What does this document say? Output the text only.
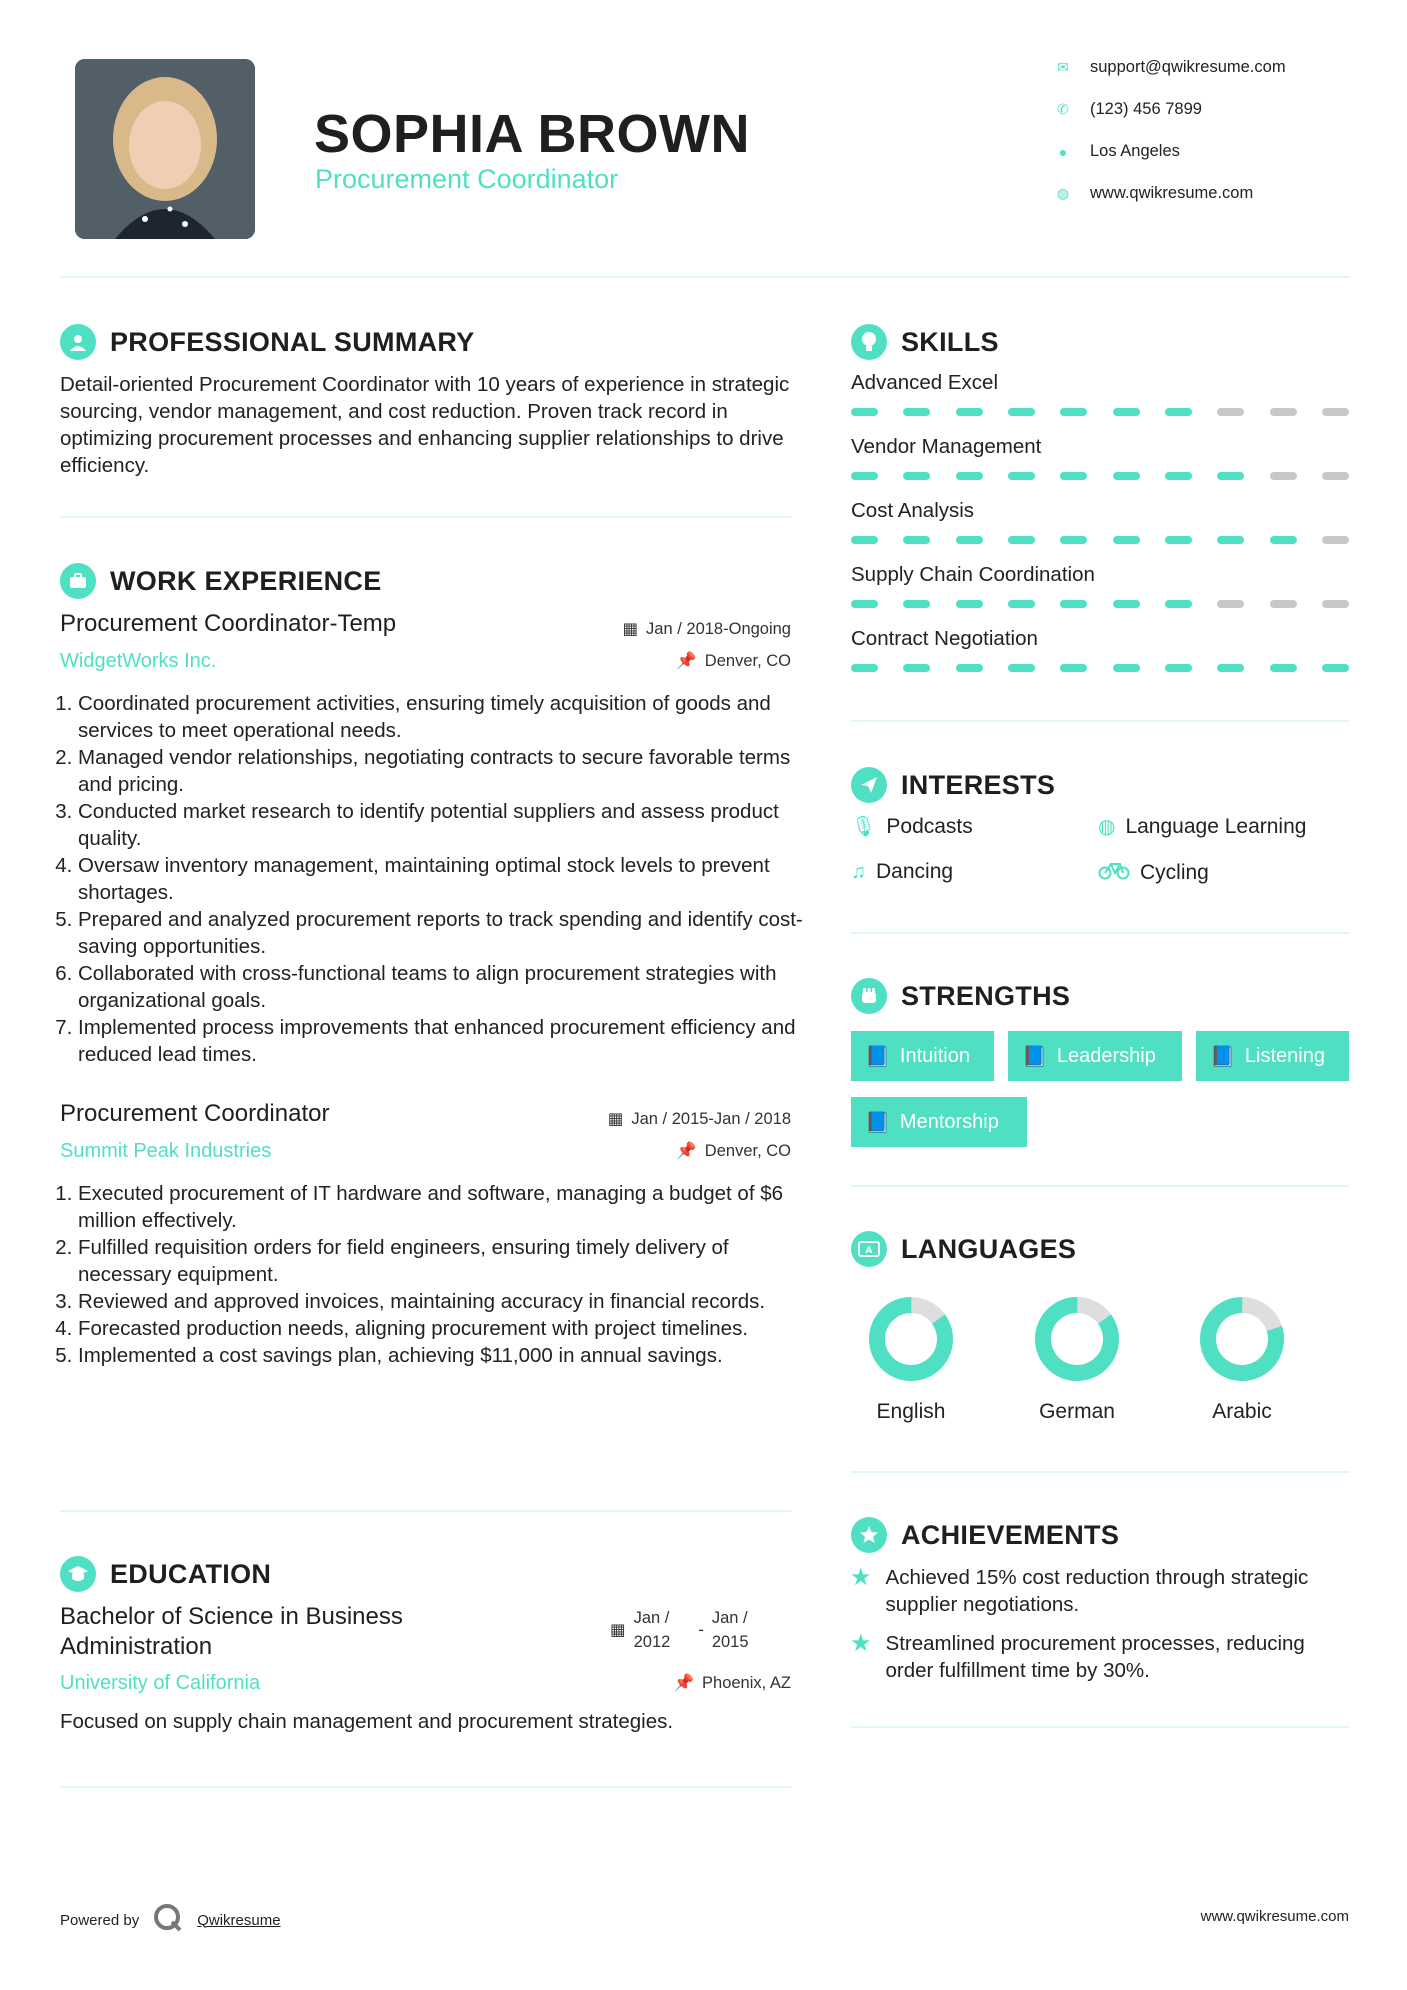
SOPHIA BROWN
Procurement Coordinator
✉ support@qwikresume.com
✆ (123) 456 7899
● Los Angeles
◍ www.qwikresume.com
PROFESSIONAL SUMMARY

Detail-oriented Procurement Coordinator with 10 years of experience in strategic sourcing, vendor management, and cost reduction. Proven track record in optimizing procurement processes and enhancing supplier relationships to drive efficiency.

WORK EXPERIENCE
Procurement Coordinator-Temp	▦ Jan / 2018-Ongoing
WidgetWorks Inc.	📌 Denver, CO
1. Coordinated procurement activities, ensuring timely acquisition of goods and services to meet operational needs.
2. Managed vendor relationships, negotiating contracts to secure favorable terms and pricing.
3. Conducted market research to identify potential suppliers and assess product quality.
4. Oversaw inventory management, maintaining optimal stock levels to prevent shortages.
5. Prepared and analyzed procurement reports to track spending and identify cost-saving opportunities.
6. Collaborated with cross-functional teams to align procurement strategies with organizational goals.
7. Implemented process improvements that enhanced procurement efficiency and reduced lead times.
Procurement Coordinator	▦ Jan / 2015-Jan / 2018
Summit Peak Industries	📌 Denver, CO
1. Executed procurement of IT hardware and software, managing a budget of $6 million effectively.
2. Fulfilled requisition orders for field engineers, ensuring timely delivery of necessary equipment.
3. Reviewed and approved invoices, maintaining accuracy in financial records.
4. Forecasted production needs, aligning procurement with project timelines.
5. Implemented a cost savings plan, achieving $11,000 in annual savings.
EDUCATION
Bachelor of Science in Business
Administration
▦
Jan /
2012
-
Jan /
2015
University of California	📌 Phoenix, AZ

Focused on supply chain management and procurement strategies.

SKILLS
Advanced Excel
Vendor Management
Cost Analysis
Supply Chain Coordination
Contract Negotiation
INTERESTS
🎙 Podcasts	◍ Language Learning
♫ Dancing	Cycling
STRENGTHS
📘 Intuition	📘 Leadership	📘 Listening
📘 Mentorship
A LANGUAGES
English	German	Arabic
ACHIEVEMENTS
★ Achieved 15% cost reduction through strategic supplier negotiations.
★ Streamlined procurement processes, reducing order fulfillment time by 30%.
Powered by	Qwikresume	www.qwikresume.com
